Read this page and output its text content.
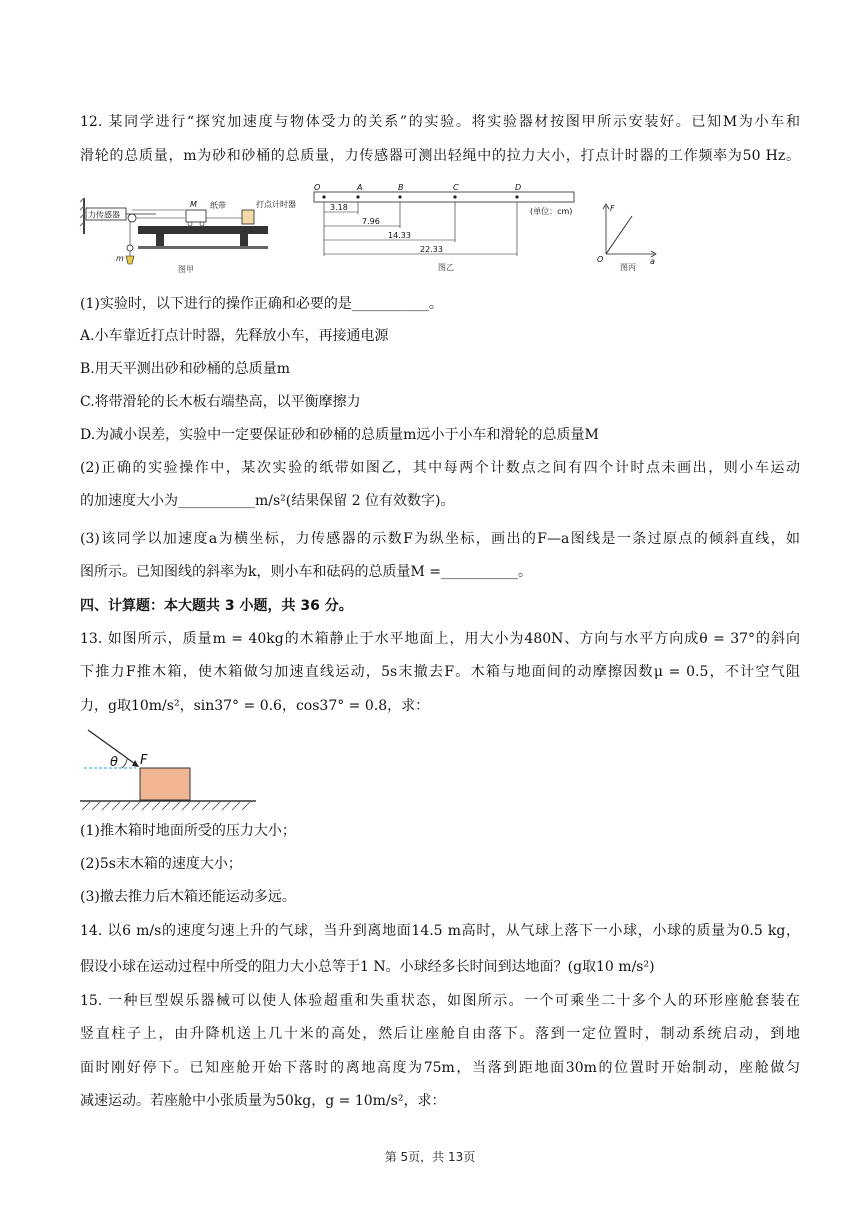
12. 某同学进行“探究加速度与物体受力的关系”的实验。将实验器材按图甲所示安装好。已知M为小车和
滑轮的总质量，m为砂和砂桶的总质量，力传感器可测出轻绳中的拉力大小，打点计时器的工作频率为50 Hz。
力传感器
m
M 纸带	打点计时器
图甲
O	A	B	C	D
3.18
7.96
14.33
22.33
(单位：cm)
图乙
F
a
O
图丙
(1)实验时，以下进行的操作正确和必要的是___________。
A.小车靠近打点计时器，先释放小车，再接通电源
B.用天平测出砂和砂桶的总质量m
C.将带滑轮的长木板右端垫高，以平衡摩擦力
D.为减小误差，实验中一定要保证砂和砂桶的总质量m远小于小车和滑轮的总质量M
(2)正确的实验操作中，某次实验的纸带如图乙，其中每两个计数点之间有四个计时点未画出，则小车运动
的加速度大小为___________m/s²(结果保留 2 位有效数字)。
(3)该同学以加速度a为横坐标，力传感器的示数F为纵坐标，画出的F—a图线是一条过原点的倾斜直线，如
图所示。已知图线的斜率为k，则小车和砝码的总质量M =___________。
四、计算题：本大题共 3 小题，共 36 分。
13. 如图所示，质量m = 40kg的木箱静止于水平地面上，用大小为480N、方向与水平方向成θ = 37°的斜向
下推力F推木箱，使木箱做匀加速直线运动，5s末撤去F。木箱与地面间的动摩擦因数μ = 0.5，不计空气阻
力，g取10m/s²，sin37° = 0.6，cos37° = 0.8，求：
θ F
(1)推木箱时地面所受的压力大小；
(2)5s末木箱的速度大小；
(3)撤去推力后木箱还能运动多远。
14. 以6 m/s的速度匀速上升的气球，当升到离地面14.5 m高时，从气球上落下一小球，小球的质量为0.5 kg，
假设小球在运动过程中所受的阻力大小总等于1 N。小球经多长时间到达地面？(g取10 m/s²)
15. 一种巨型娱乐器械可以使人体验超重和失重状态，如图所示。一个可乘坐二十多个人的环形座舱套装在
竖直柱子上，由升降机送上几十米的高处，然后让座舱自由落下。落到一定位置时，制动系统启动，到地
面时刚好停下。已知座舱开始下落时的离地高度为75m，当落到距地面30m的位置时开始制动，座舱做匀
减速运动。若座舱中小张质量为50kg，g = 10m/s²，求：
第 5页，共 13页
